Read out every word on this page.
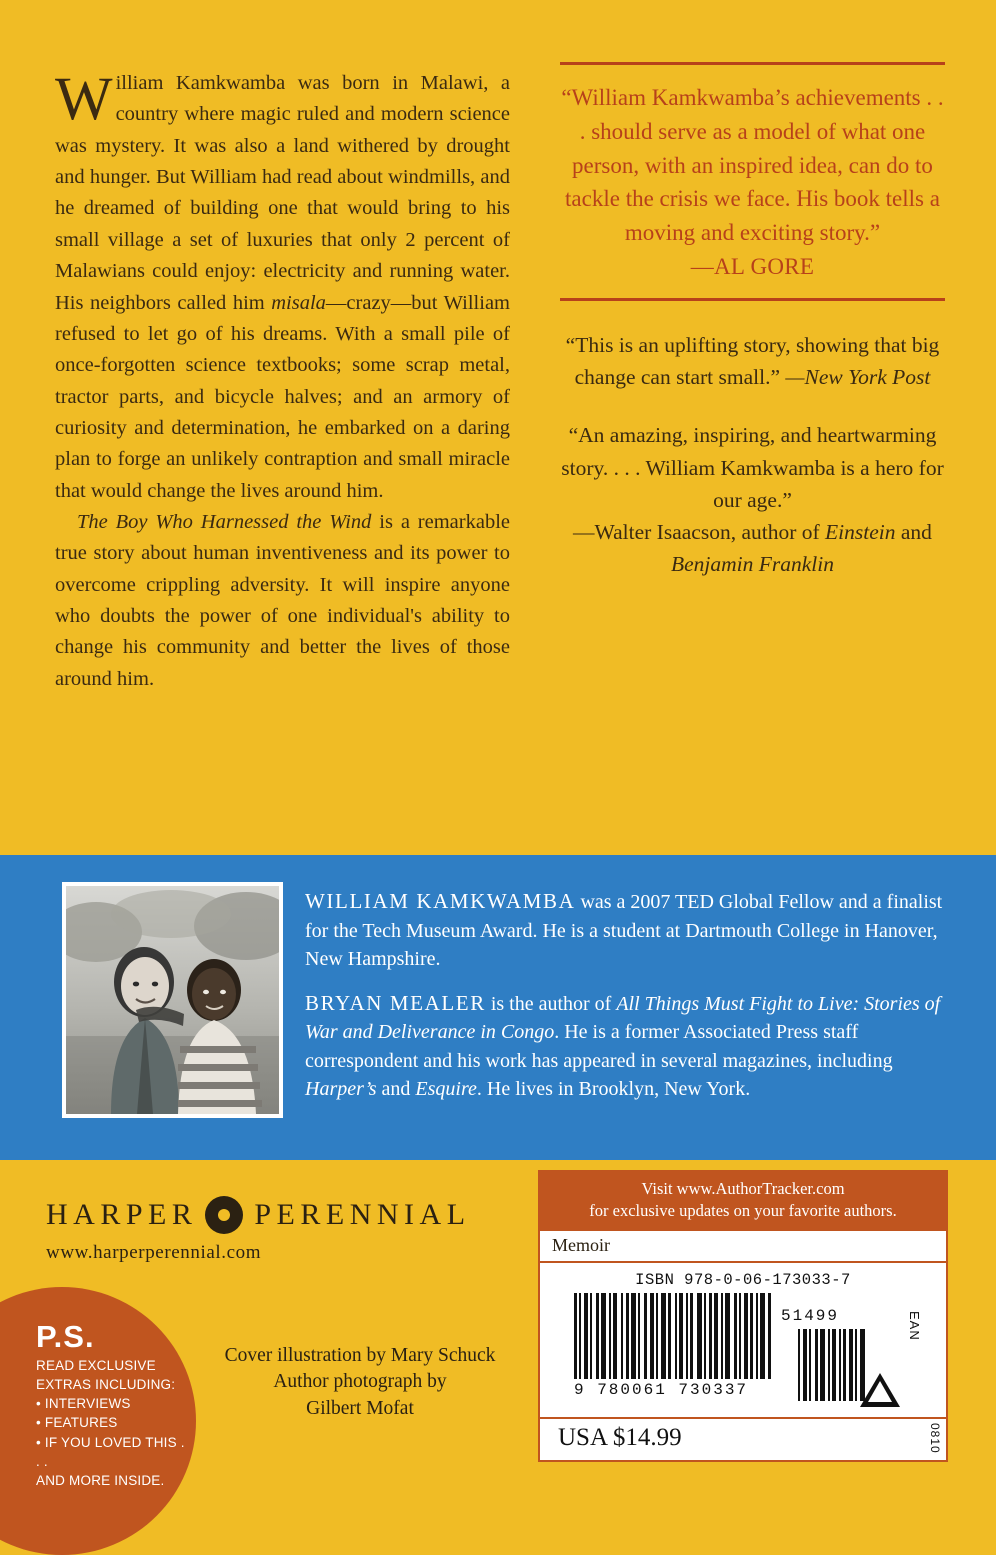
William Kamkwamba was born in Malawi, a country where magic ruled and modern science was mystery. It was also a land withered by drought and hunger. But William had read about windmills, and he dreamed of building one that would bring to his small village a set of luxuries that only 2 percent of Malawians could enjoy: electricity and running water. His neighbors called him misala—crazy—but William refused to let go of his dreams. With a small pile of once-forgotten science textbooks; some scrap metal, tractor parts, and bicycle halves; and an armory of curiosity and determination, he embarked on a daring plan to forge an unlikely contraption and small miracle that would change the lives around him.

The Boy Who Harnessed the Wind is a remarkable true story about human inventiveness and its power to overcome crippling adversity. It will inspire anyone who doubts the power of one individual's ability to change his community and better the lives of those around him.

“William Kamkwamba’s achievements . . . should serve as a model of what one person, with an inspired idea, can do to tackle the crisis we face. His book tells a moving and exciting story.”
—AL GORE
“This is an uplifting story, showing that big change can start small.” —New York Post
“An amazing, inspiring, and heartwarming story. . . . William Kamkwamba is a hero for our age.”
—Walter Isaacson, author of Einstein and Benjamin Franklin

WILLIAM KAMKWAMBA was a 2007 TED Global Fellow and a finalist for the Tech Museum Award. He is a student at Dartmouth College in Hanover, New Hampshire.

BRYAN MEALER is the author of All Things Must Fight to Live: Stories of War and Deliverance in Congo. He is a former Associated Press staff correspondent and his work has appeared in several magazines, including Harper’s and Esquire. He lives in Brooklyn, New York.

HARPER PERENNIAL
www.harperperennial.com
P.S.
READ EXCLUSIVE
EXTRAS INCLUDING:
• INTERVIEWS
• FEATURES
• IF YOU LOVED THIS . . .
AND MORE INSIDE.
Cover illustration by Mary Schuck
Author photograph by
Gilbert Mofat
Visit www.AuthorTracker.com
for exclusive updates on your favorite authors.
Memoir
ISBN 978-0-06-173033-7
9 780061 730337
51499	EAN
USA $14.99	0810
